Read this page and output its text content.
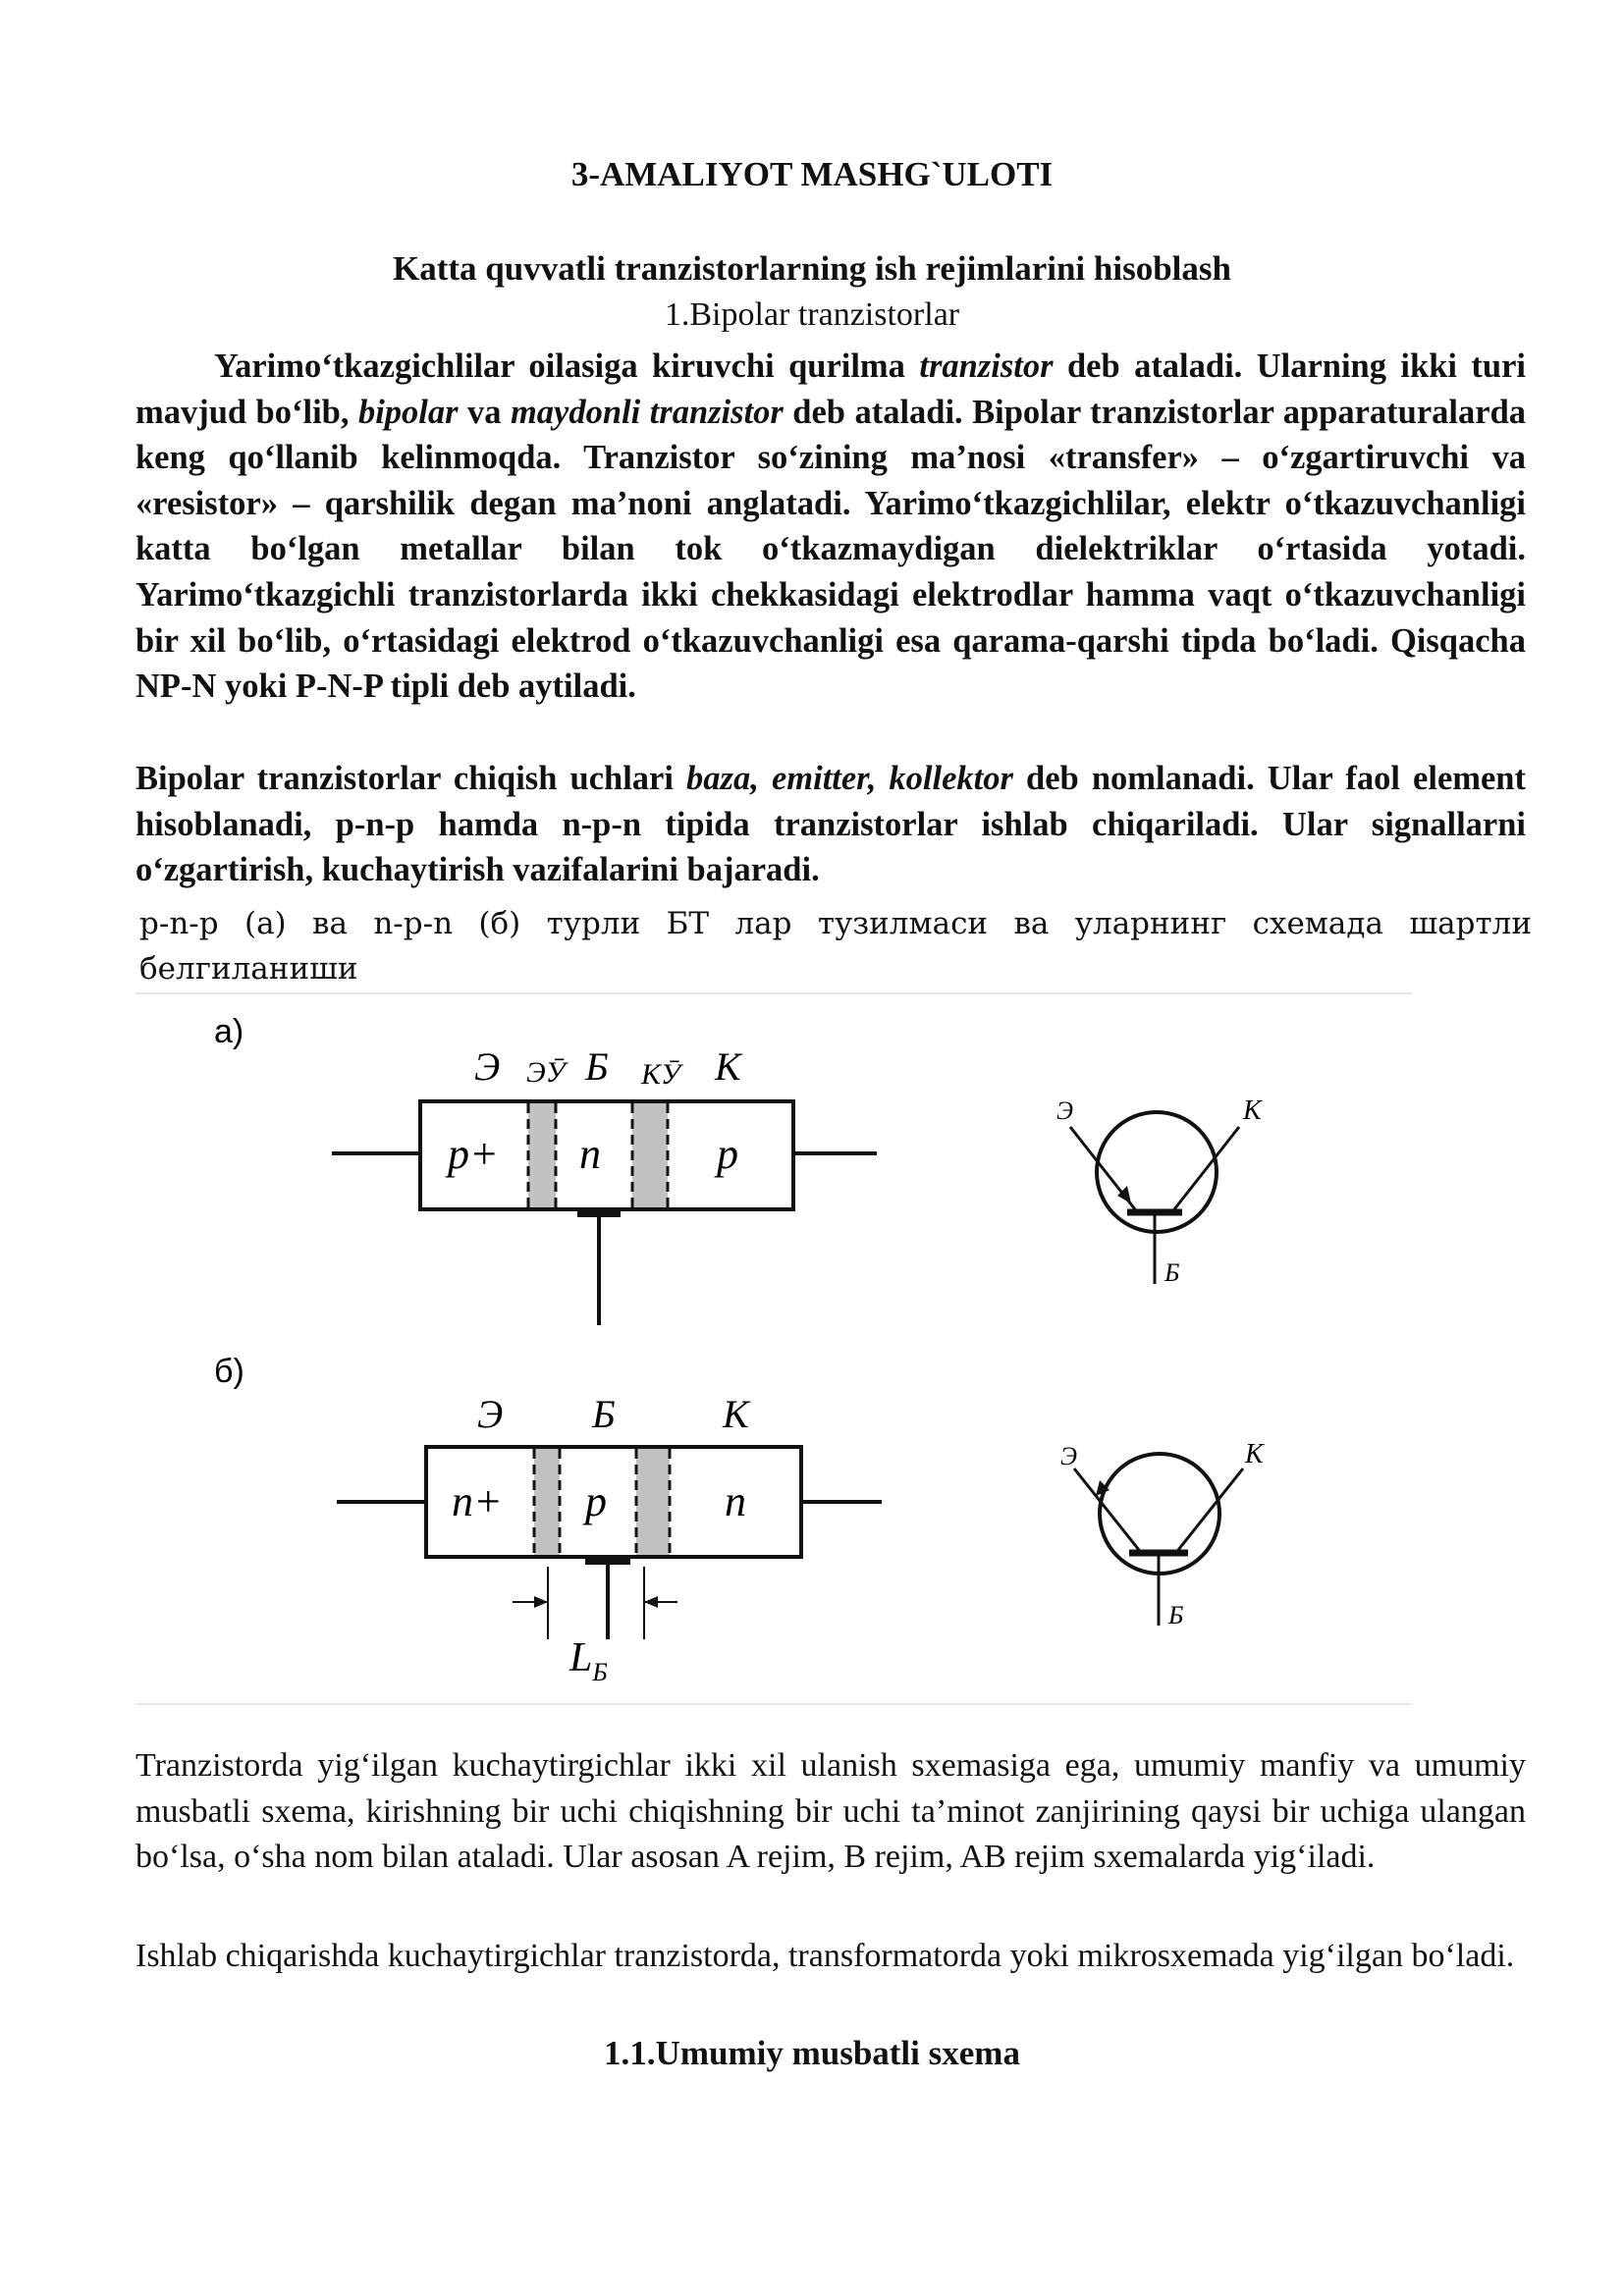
3-AMALIYOT MASHG`ULOTI
Katta quvvatli tranzistorlarning ish rejimlarini hisoblash
1.Bipolar tranzistorlar

Yarimo‘tkazgichlilar oilasiga kiruvchi qurilma tranzistor deb ataladi. Ularning ikki turi mavjud bo‘lib, bipolar va maydonli tranzistor deb ataladi. Bipolar tranzistorlar apparaturalarda keng qo‘llanib kelinmoqda. Tranzistor so‘zining ma’nosi «transfer» – o‘zgartiruvchi va «resistor» – qarshilik degan ma’noni anglatadi. Yarimo‘tkazgichlilar, elektr o‘tkazuvchanligi katta bo‘lgan metallar bilan tok o‘tkazmaydigan dielektriklar o‘rtasida yotadi. Yarimo‘tkazgichli tranzistorlarda ikki chekkasidagi elektrodlar hamma vaqt o‘tkazuvchanligi bir xil bo‘lib, o‘rtasidagi elektrod o‘tkazuvchanligi esa qarama-qarshi tipda bo‘ladi. Qisqacha NP-N yoki P-N-P tipli deb aytiladi.

Bipolar tranzistorlar chiqish uchlari baza, emitter, kollektor deb nomlanadi. Ular faol element hisoblanadi, p-n-p hamda n-p-n tipida tranzistorlar ishlab chiqariladi. Ular signallarni o‘zgartirish, kuchaytirish vazifalarini bajaradi.

p-n-p (а) ва n-p-n (б) турли БТ лар тузилмаси ва уларнинг схемада шартли белгиланиши

а)
Э ЭӮ Б КӮ К
p+ n	p
Э	К
Б
б)
Э Б	К
n+ p	n
$L_Б$
Э	К
Б

Tranzistorda yig‘ilgan kuchaytirgichlar ikki xil ulanish sxemasiga ega, umumiy manfiy va umumiy musbatli sxema, kirishning bir uchi chiqishning bir uchi ta’minot zanjirining qaysi bir uchiga ulangan bo‘lsa, o‘sha nom bilan ataladi. Ular asosan A rejim, B rejim, AB rejim sxemalarda yig‘iladi.

Ishlab chiqarishda kuchaytirgichlar tranzistorda, transformatorda yoki mikrosxemada yig‘ilgan bo‘ladi.

1.1.Umumiy musbatli sxema
